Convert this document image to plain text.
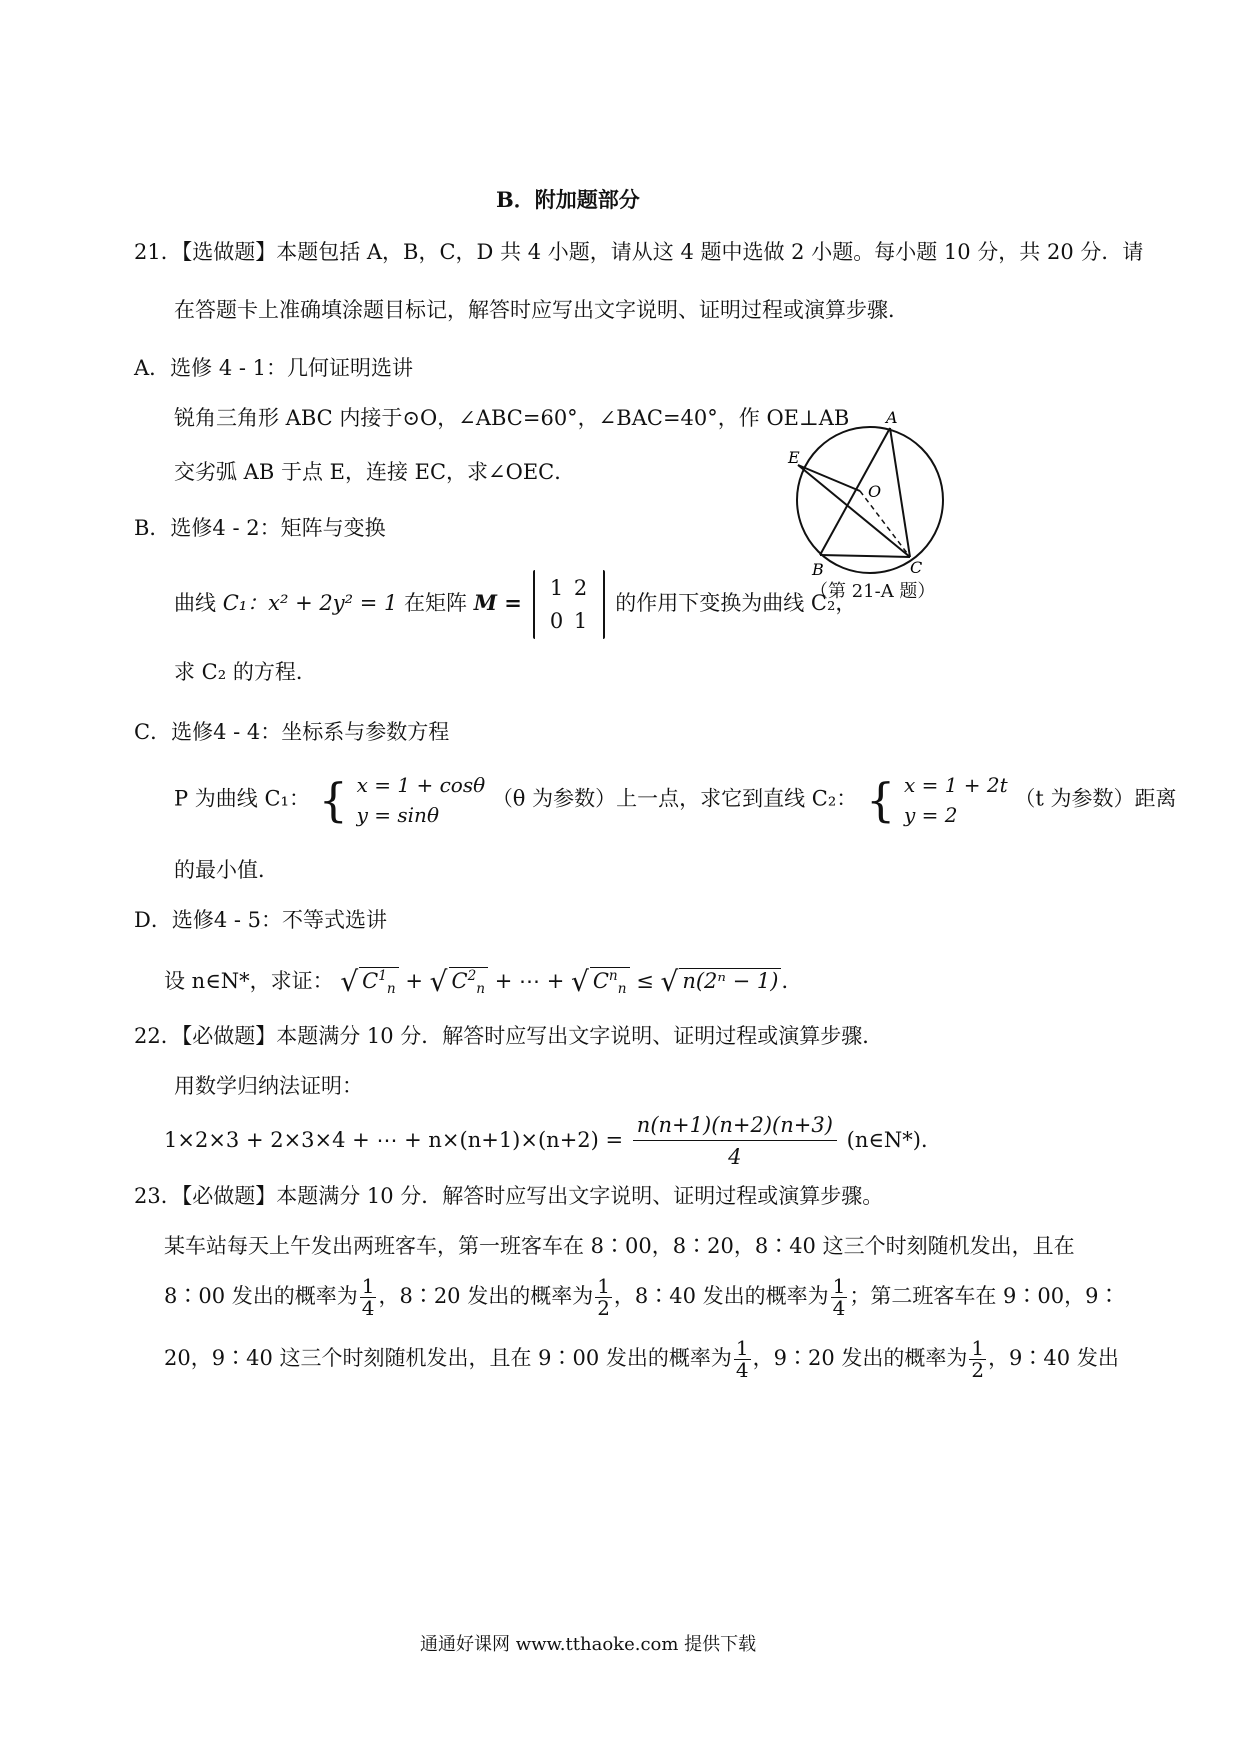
B．附加题部分
21．【选做题】本题包括 A，B，C，D 共 4 小题，请从这 4 题中选做 2 小题。每小题 10 分，共 20 分．请
在答题卡上准确填涂题目标记，解答时应写出文字说明、证明过程或演算步骤．
A．选修 4 - 1：几何证明选讲
锐角三角形 ABC 内接于⊙O，∠ABC=60°，∠BAC=40°，作 OE⊥AB
交劣弧 AB 于点 E，连接 EC，求∠OEC．
A
E
O
B	C
（第 21-A 题）
B．选修4 - 2：矩阵与变换
曲线 C₁：x² + 2y² = 1 在矩阵 M = 1 2
0 1 的作用下变换为曲线 C₂，
求 C₂ 的方程．
C．选修4 - 4：坐标系与参数方程
P 为曲线 C₁： { x = 1 + cosθ
y = sinθ （θ 为参数）上一点，求它到直线 C₂： { x = 1 + 2t
y = 2 （t 为参数）距离
的最小值．
D．选修4 - 5：不等式选讲
设 n∈N*，求证： √ $C^1_n$ + √ $C^2_n$ + ⋯ + √ $C^n_n$ ≤ √ n(2ⁿ − 1) ．
22．【必做题】本题满分 10 分．解答时应写出文字说明、证明过程或演算步骤．
用数学归纳法证明：
1×2×3 + 2×3×4 + ⋯ + $n\times(n+1)\times(n+2) = \frac{n(n+1)(n+2)(n+3)}{4}$ (n∈N*)．
23．【必做题】本题满分 10 分．解答时应写出文字说明、证明过程或演算步骤。
某车站每天上午发出两班客车，第一班客车在 8∶00，8∶20，8∶40 这三个时刻随机发出，且在
8∶00 发出的概率为 $\frac{1}{4}$ ，8∶20 发出的概率为 $\frac{1}{2}$ ，8∶40 发出的概率为 $\frac{1}{4}$ ；第二班客车在 9∶00，9∶
20，9∶40 这三个时刻随机发出，且在 9∶00 发出的概率为 $\frac{1}{4}$ ，9∶20 发出的概率为 $\frac{1}{2}$ ，9∶40 发出
通通好课网 www.tthaoke.com 提供下载
